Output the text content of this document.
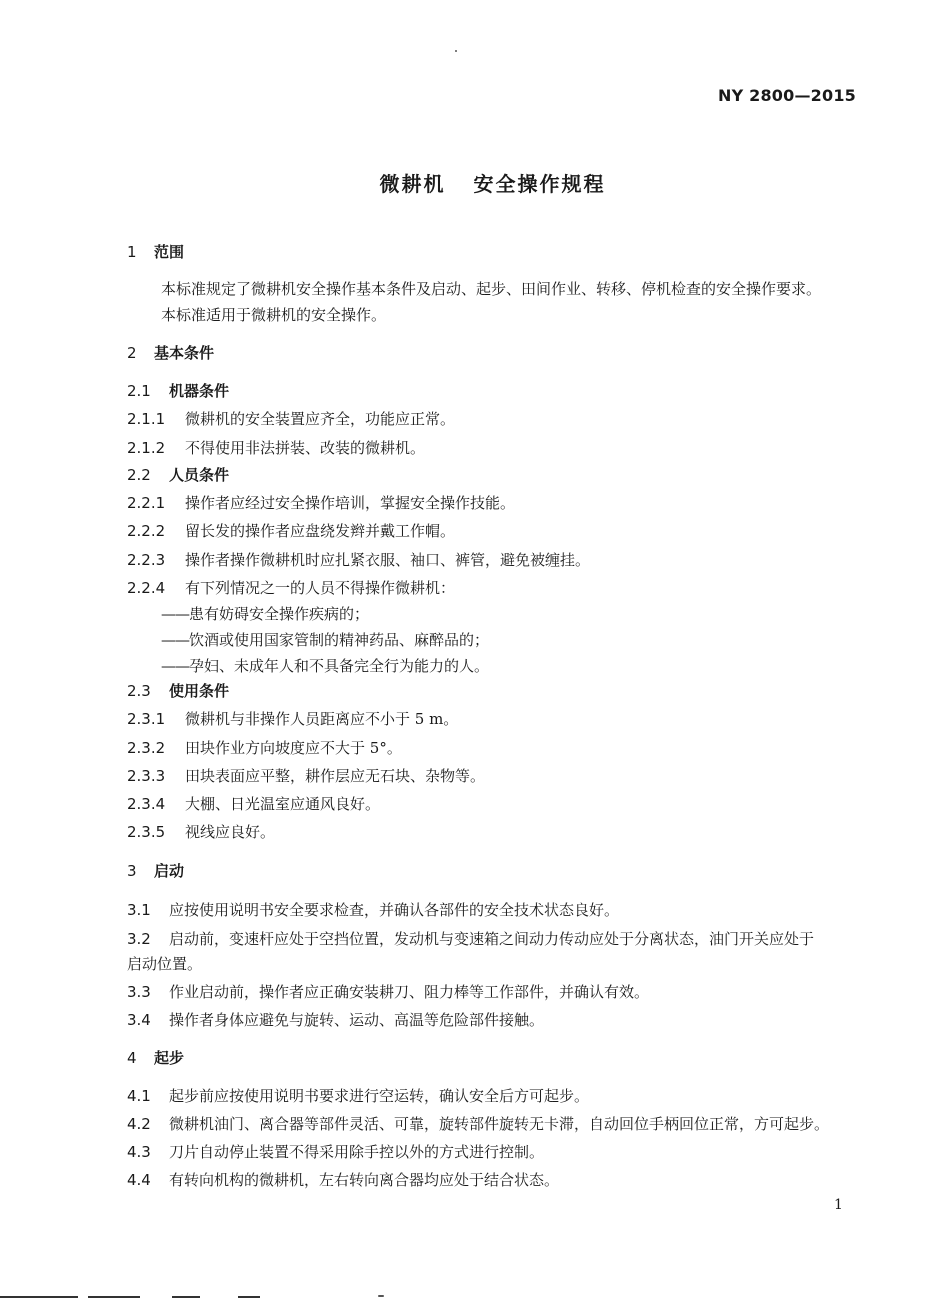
NY 2800—2015
微耕机 安全操作规程
1 范围
本标准规定了微耕机安全操作基本条件及启动、起步、田间作业、转移、停机检查的安全操作要求。
本标准适用于微耕机的安全操作。
2 基本条件
2.1 机器条件
2.1.1 微耕机的安全装置应齐全，功能应正常。
2.1.2 不得使用非法拼装、改装的微耕机。
2.2 人员条件
2.2.1 操作者应经过安全操作培训，掌握安全操作技能。
2.2.2 留长发的操作者应盘绕发辫并戴工作帽。
2.2.3 操作者操作微耕机时应扎紧衣服、袖口、裤管，避免被缠挂。
2.2.4 有下列情况之一的人员不得操作微耕机：
——患有妨碍安全操作疾病的；
——饮酒或使用国家管制的精神药品、麻醉品的；
——孕妇、未成年人和不具备完全行为能力的人。
2.3 使用条件
2.3.1 微耕机与非操作人员距离应不小于 5 m。
2.3.2 田块作业方向坡度应不大于 5°。
2.3.3 田块表面应平整，耕作层应无石块、杂物等。
2.3.4 大棚、日光温室应通风良好。
2.3.5 视线应良好。
3 启动
3.1 应按使用说明书安全要求检查，并确认各部件的安全技术状态良好。
3.2 启动前，变速杆应处于空挡位置，发动机与变速箱之间动力传动应处于分离状态，油门开关应处于
启动位置。
3.3 作业启动前，操作者应正确安装耕刀、阻力棒等工作部件，并确认有效。
3.4 操作者身体应避免与旋转、运动、高温等危险部件接触。
4 起步
4.1 起步前应按使用说明书要求进行空运转，确认安全后方可起步。
4.2 微耕机油门、离合器等部件灵活、可靠，旋转部件旋转无卡滞，自动回位手柄回位正常，方可起步。
4.3 刀片自动停止装置不得采用除手控以外的方式进行控制。
4.4 有转向机构的微耕机，左右转向离合器均应处于结合状态。
1
